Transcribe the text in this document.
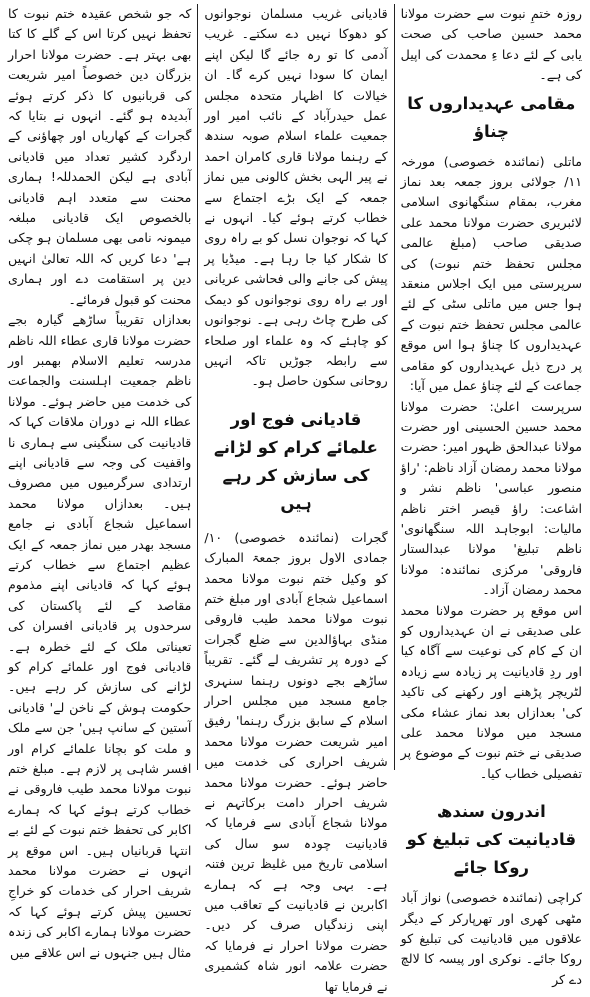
روزہ ختمِ نبوت سے حضرت مولانا محمد حسین صاحب کی صحت یابی کے لئے دعا ءِ محمدت کی اپیل کی ہے۔

مقامی عہدیداروں کا چناؤ

ماتلی (نمائندہ خصوصی) مورخہ ۱۱/ جولائی بروز جمعہ بعد نماز مغرب، بمقام سنگھانوی اسلامی لائبریری حضرت مولانا محمد علی صدیقی صاحب (مبلغ عالمی مجلس تحفظ ختم نبوت) کی سرپرستی میں ایک اجلاس منعقد ہوا جس میں ماتلی سٹی کے لئے عالمی مجلس تحفظ ختم نبوت کے عہدیداروں کا چناؤ ہوا اس موقع پر درج ذیل عہدیداروں کو مقامی جماعت کے لئے چناؤ عمل میں آیا:

سرپرست اعلیٰ: حضرت مولانا محمد حسین الحسینی اور حضرت مولانا عبدالحق ظہور امیر: حضرت مولانا محمد رمضان آزاد ناظم: 'راؤ منصور عباسی' ناظم نشر و اشاعت: راؤ قیصر اختر ناظم مالیات: ابوجاہد اللہ سنگھانوی' ناظم تبلیغ' مولانا عبدالستار فاروقی' مرکزی نمائندہ: مولانا محمد رمضان آزاد۔

اس موقع پر حضرت مولانا محمد علی صدیقی نے ان عہدیداروں کو ان کے کام کی نوعیت سے آگاہ کیا اور ردِ قادیانیت پر زیادہ سے زیادہ لٹریچر پڑھنے اور رکھنے کی تاکید کی' بعدازاں بعد نماز عشاء مکی مسجد میں مولانا محمد علی صدیقی نے ختم نبوت کے موضوع پر تفصیلی خطاب کیا۔

اندرون سندھ قادیانیت کی تبلیغ کو روکا جائے

کراچی (نمائندہ خصوصی) نواز آباد مٹھی کھری اور تھرپارکر کے دیگر علاقوں میں قادیانیت کی تبلیغ کو روکا جائے۔ نوکری اور پیسہ کا لالچ دے کر

قادیانی غریب مسلمان نوجوانوں کو دھوکا نہیں دے سکتے۔ غریب آدمی کا تو رہ جائے گا لیکن اپنے ایمان کا سودا نہیں کرے گا۔ ان خیالات کا اظہار متحدہ مجلس عمل حیدرآباد کے نائب امیر اور جمعیت علماء اسلام صوبہ سندھ کے رہنما مولانا قاری کامران احمد نے پیر الہی بخش کالونی میں نماز جمعہ کے ایک بڑے اجتماع سے خطاب کرتے ہوئے کیا۔ انہوں نے کہا کہ نوجوان نسل کو بے راہ روی کا شکار کیا جا رہا ہے۔ میڈیا پر پیش کی جانے والی فحاشی عریانی اور بے راہ روی نوجوانوں کو دیمک کی طرح چاٹ رہی ہے۔ نوجوانوں کو چاہئے کہ وہ علماء اور صلحاء سے رابطہ جوڑیں تاکہ انہیں روحانی سکون حاصل ہو۔

قادیانی فوج اور علمائے کرام کو لڑانے کی سازش کر رہے ہیں

گجرات (نمائندہ خصوصی) ۱۰/ جمادی الاول بروز جمعۃ المبارک کو وکیل ختم نبوت مولانا محمد اسماعیل شجاع آبادی اور مبلغ ختم نبوت مولانا محمد طیب فاروقی منڈی بہاؤالدین سے ضلع گجرات کے دورہ پر تشریف لے گئے۔ تقریباً ساڑھے بجے دونوں رہنما سنہری جامع مسجد میں مجلس احرار اسلام کے سابق بزرگ رہنما' رفیق امیر شریعت حضرت مولانا محمد شریف احراری کی خدمت میں حاضر ہوئے۔ حضرت مولانا محمد شریف احرار دامت برکاتہم نے مولانا شجاع آبادی سے فرمایا کہ قادیانیت چودہ سو سال کی اسلامی تاریخ میں غلیظ ترین فتنہ ہے۔ بہی وجہ ہے کہ ہمارے اکابرین نے قادیانیت کے تعاقب میں اپنی زندگیاں صرف کر دیں۔ حضرت مولانا احرار نے فرمایا کہ حضرت علامہ انور شاہ کشمیری نے فرمایا تھا

کہ جو شخص عقیدہ ختم نبوت کا تحفظ نہیں کرتا اس کے گلے کا کتا بھی بہتر ہے۔ حضرت مولانا احرار بزرگان دین خصوصاً امیر شریعت کی قربانیوں کا ذکر کرتے ہوئے آبدیدہ ہو گئے۔ انہوں نے بتایا کہ گجرات کے کھاریاں اور چھاؤنی کے اردگرد کشیر تعداد میں قادیانی آبادی ہے لیکن الحمدللہ! ہماری محنت سے متعدد اہم قادیانی بالخصوص ایک قادیانی مبلغہ میمونہ نامی بھی مسلمان ہو چکی ہے' دعا کریں کہ اللہ تعالیٰ انہیں دین پر استقامت دے اور ہماری محنت کو قبول فرمائے۔

بعدازاں تقریباً ساڑھے گیارہ بجے حضرت مولانا قاری عطاء اللہ ناظم مدرسہ تعلیم الاسلام بھمبر اور ناظم جمعیت اہلسنت والجماعت کی خدمت میں حاضر ہوئے۔ مولانا عطاء اللہ نے دوران ملاقات کہا کہ قادیانیت کی سنگینی سے ہماری نا واقفیت کی وجہ سے قادیانی اپنے ارتدادی سرگرمیوں میں مصروف ہیں۔ بعدازاں مولانا محمد اسماعیل شجاع آبادی نے جامع مسجد بھدر میں نماز جمعہ کے ایک عظیم اجتماع سے خطاب کرتے ہوئے کہا کہ قادیانی اپنے مذموم مقاصد کے لئے پاکستان کی سرحدوں پر قادیانی افسران کی تعیناتی ملک کے لئے خطرہ ہے۔ قادیانی فوج اور علمائے کرام کو لڑانے کی سازش کر رہے ہیں۔ حکومت ہوش کے ناخن لے' قادیانی آستین کے سانپ ہیں' جن سے ملک و ملت کو بچانا علمائے کرام اور افسر شاہی پر لازم ہے۔ مبلغ ختم نبوت مولانا محمد طیب فاروقی نے خطاب کرتے ہوئے کہا کہ ہمارے اکابر کی تحفظ ختم نبوت کے لئے بے انتہا قربانیاں ہیں۔ اس موقع پر انہوں نے حضرت مولانا محمد شریف احرار کی خدمات کو خراجِ تحسین پیش کرتے ہوئے کہا کہ حضرت مولانا ہمارے اکابر کی زندہ مثال ہیں جنہوں نے اس علاقے میں
